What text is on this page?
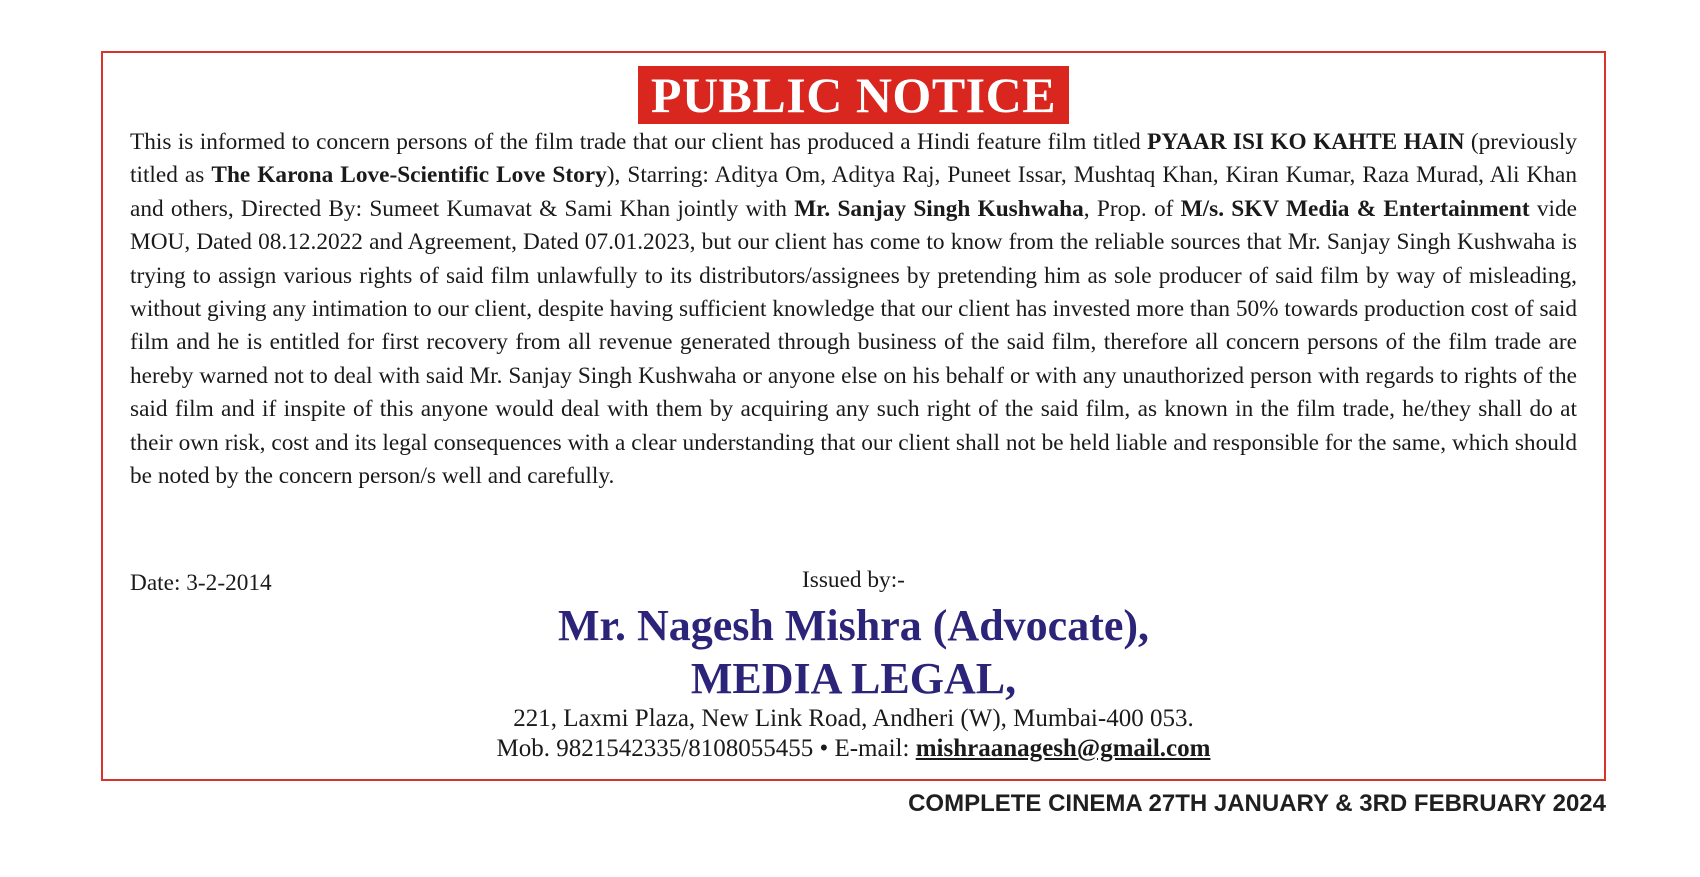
PUBLIC NOTICE

This is informed to concern persons of the film trade that our client has produced a Hindi feature film titled PYAAR ISI KO KAHTE HAIN (previously titled as The Karona Love-Scientific Love Story), Starring: Aditya Om, Aditya Raj, Puneet Issar, Mushtaq Khan, Kiran Kumar, Raza Murad, Ali Khan and others, Directed By: Sumeet Kumavat & Sami Khan jointly with Mr. Sanjay Singh Kushwaha, Prop. of M/s. SKV Media & Entertainment vide MOU, Dated 08.12.2022 and Agreement, Dated 07.01.2023, but our client has come to know from the reliable sources that Mr. Sanjay Singh Kushwaha is trying to assign various rights of said film unlawfully to its distributors/assignees by pretending him as sole producer of said film by way of misleading, without giving any intimation to our client, despite having sufficient knowledge that our client has invested more than 50% towards production cost of said film and he is entitled for first recovery from all revenue generated through business of the said film, therefore all concern persons of the film trade are hereby warned not to deal with said Mr. Sanjay Singh Kushwaha or anyone else on his behalf or with any unauthorized person with regards to rights of the said film and if inspite of this anyone would deal with them by acquiring any such right of the said film, as known in the film trade, he/they shall do at their own risk, cost and its legal consequences with a clear understanding that our client shall not be held liable and responsible for the same, which should be noted by the concern person/s well and carefully.

Date: 3-2-2014	Issued by:-
Mr. Nagesh Mishra (Advocate),
MEDIA LEGAL,
221, Laxmi Plaza, New Link Road, Andheri (W), Mumbai-400 053.
Mob. 9821542335/8108055455 • E-mail: mishraanagesh@gmail.com
COMPLETE CINEMA 27TH JANUARY & 3RD FEBRUARY 2024
